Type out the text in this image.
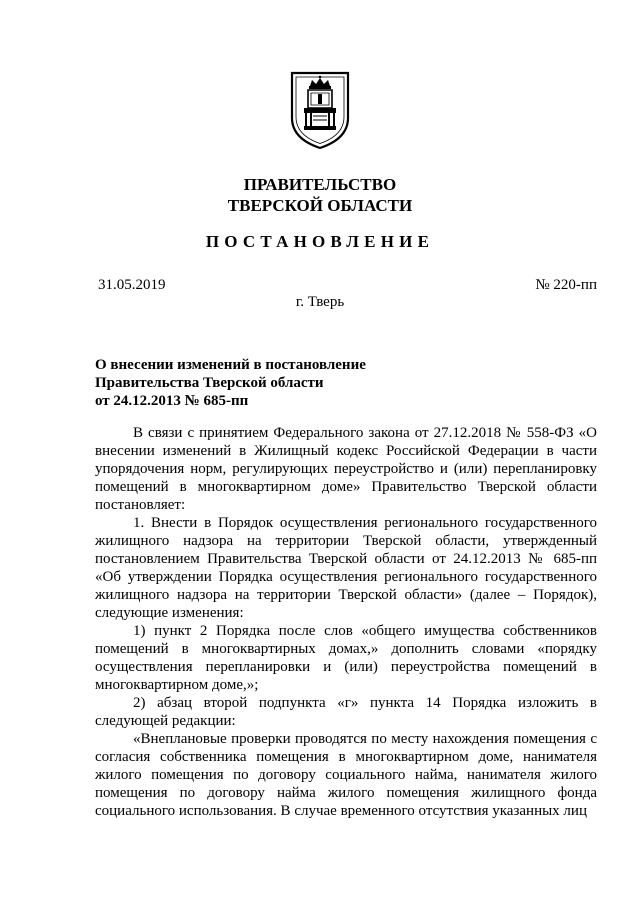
ПРАВИТЕЛЬСТВО
ТВЕРСКОЙ ОБЛАСТИ
ПОСТАНОВЛЕНИЕ
31.05.2019	№ 220-пп
г. Тверь
О внесении изменений в постановление
Правительства Тверской области
от 24.12.2013 № 685-пп

В связи с принятием Федерального закона от 27.12.2018 № 558-ФЗ «О внесении изменений в Жилищный кодекс Российской Федерации в части упорядочения норм, регулирующих переустройство и (или) перепланировку помещений в многоквартирном доме» Правительство Тверской области постановляет:

1. Внести в Порядок осуществления регионального государственного жилищного надзора на территории Тверской области, утвержденный постановлением Правительства Тверской области от 24.12.2013 № 685-пп «Об утверждении Порядка осуществления регионального государственного жилищного надзора на территории Тверской области» (далее – Порядок), следующие изменения:

1) пункт 2 Порядка после слов «общего имущества собственников помещений в многоквартирных домах,» дополнить словами «порядку осуществления перепланировки и (или) переустройства помещений в многоквартирном доме,»;

2) абзац второй подпункта «г» пункта 14 Порядка изложить в следующей редакции:

«Внеплановые проверки проводятся по месту нахождения помещения с согласия собственника помещения в многоквартирном доме, нанимателя жилого помещения по договору социального найма, нанимателя жилого помещения по договору найма жилого помещения жилищного фонда социального использования. В случае временного отсутствия указанных лиц
